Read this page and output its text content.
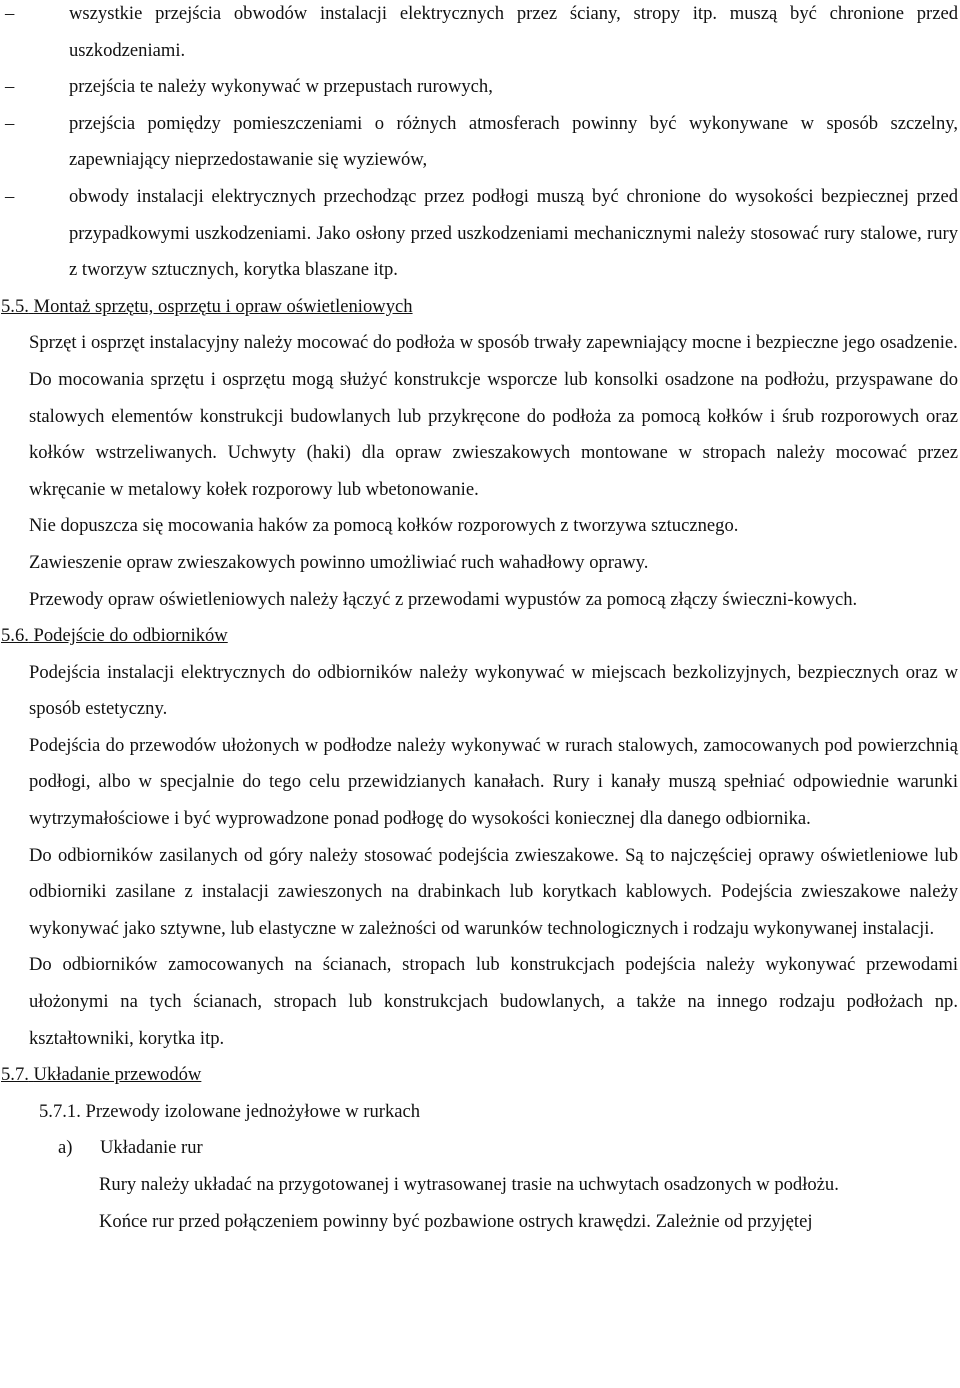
–
wszystkie przejścia obwodów instalacji elektrycznych przez ściany, stropy itp. muszą być chronione przed uszkodzeniami.
–
przejścia te należy wykonywać w przepustach rurowych,
–
przejścia pomiędzy pomieszczeniami o różnych atmosferach powinny być wykonywane w sposób szczelny, zapewniający nieprzedostawanie się wyziewów,
–
obwody instalacji elektrycznych przechodząc przez podłogi muszą być chronione do wysokości bezpiecznej przed przypadkowymi uszkodzeniami. Jako osłony przed uszkodzeniami mechanicznymi należy stosować rury stalowe, rury z tworzyw sztucznych, korytka blaszane itp.

5.5. Montaż sprzętu, osprzętu i opraw oświetleniowych

Sprzęt i osprzęt instalacyjny należy mocować do podłoża w sposób trwały zapewniający mocne i bezpieczne jego osadzenie.

Do mocowania sprzętu i osprzętu mogą służyć konstrukcje wsporcze lub konsolki osadzone na podłożu, przyspawane do stalowych elementów konstrukcji budowlanych lub przykręcone do podłoża za pomocą kołków i śrub rozporowych oraz kołków wstrzeliwanych. Uchwyty (haki) dla opraw zwieszakowych montowane w stropach należy mocować przez wkręcanie w metalowy kołek rozporowy lub wbetonowanie.

Nie dopuszcza się mocowania haków za pomocą kołków rozporowych z tworzywa sztucznego.

Zawieszenie opraw zwieszakowych powinno umożliwiać ruch wahadłowy oprawy.

Przewody opraw oświetleniowych należy łączyć z przewodami wypustów za pomocą złączy świeczni-kowych.

5.6. Podejście do odbiorników

Podejścia instalacji elektrycznych do odbiorników należy wykonywać w miejscach bezkolizyjnych, bezpiecznych oraz w sposób estetyczny.

Podejścia do przewodów ułożonych w podłodze należy wykonywać w rurach stalowych, zamocowanych pod powierzchnią podłogi, albo w specjalnie do tego celu przewidzianych kanałach. Rury i kanały muszą spełniać odpowiednie warunki wytrzymałościowe i być wyprowadzone ponad podłogę do wysokości koniecznej dla danego odbiornika.

Do odbiorników zasilanych od góry należy stosować podejścia zwieszakowe. Są to najczęściej oprawy oświetleniowe lub odbiorniki zasilane z instalacji zawieszonych na drabinkach lub korytkach kablowych. Podejścia zwieszakowe należy wykonywać jako sztywne, lub elastyczne w zależności od warunków technologicznych i rodzaju wykonywanej instalacji.

Do odbiorników zamocowanych na ścianach, stropach lub konstrukcjach podejścia należy wykonywać przewodami ułożonymi na tych ścianach, stropach lub konstrukcjach budowlanych, a także na innego rodzaju podłożach np. kształtowniki, korytka itp.

5.7. Układanie przewodów

5.7.1. Przewody izolowane jednożyłowe w rurkach

a) Układanie rur

Rury należy układać na przygotowanej i wytrasowanej trasie na uchwytach osadzonych w podłożu.

Końce rur przed połączeniem powinny być pozbawione ostrych krawędzi. Zależnie od przyjętej
